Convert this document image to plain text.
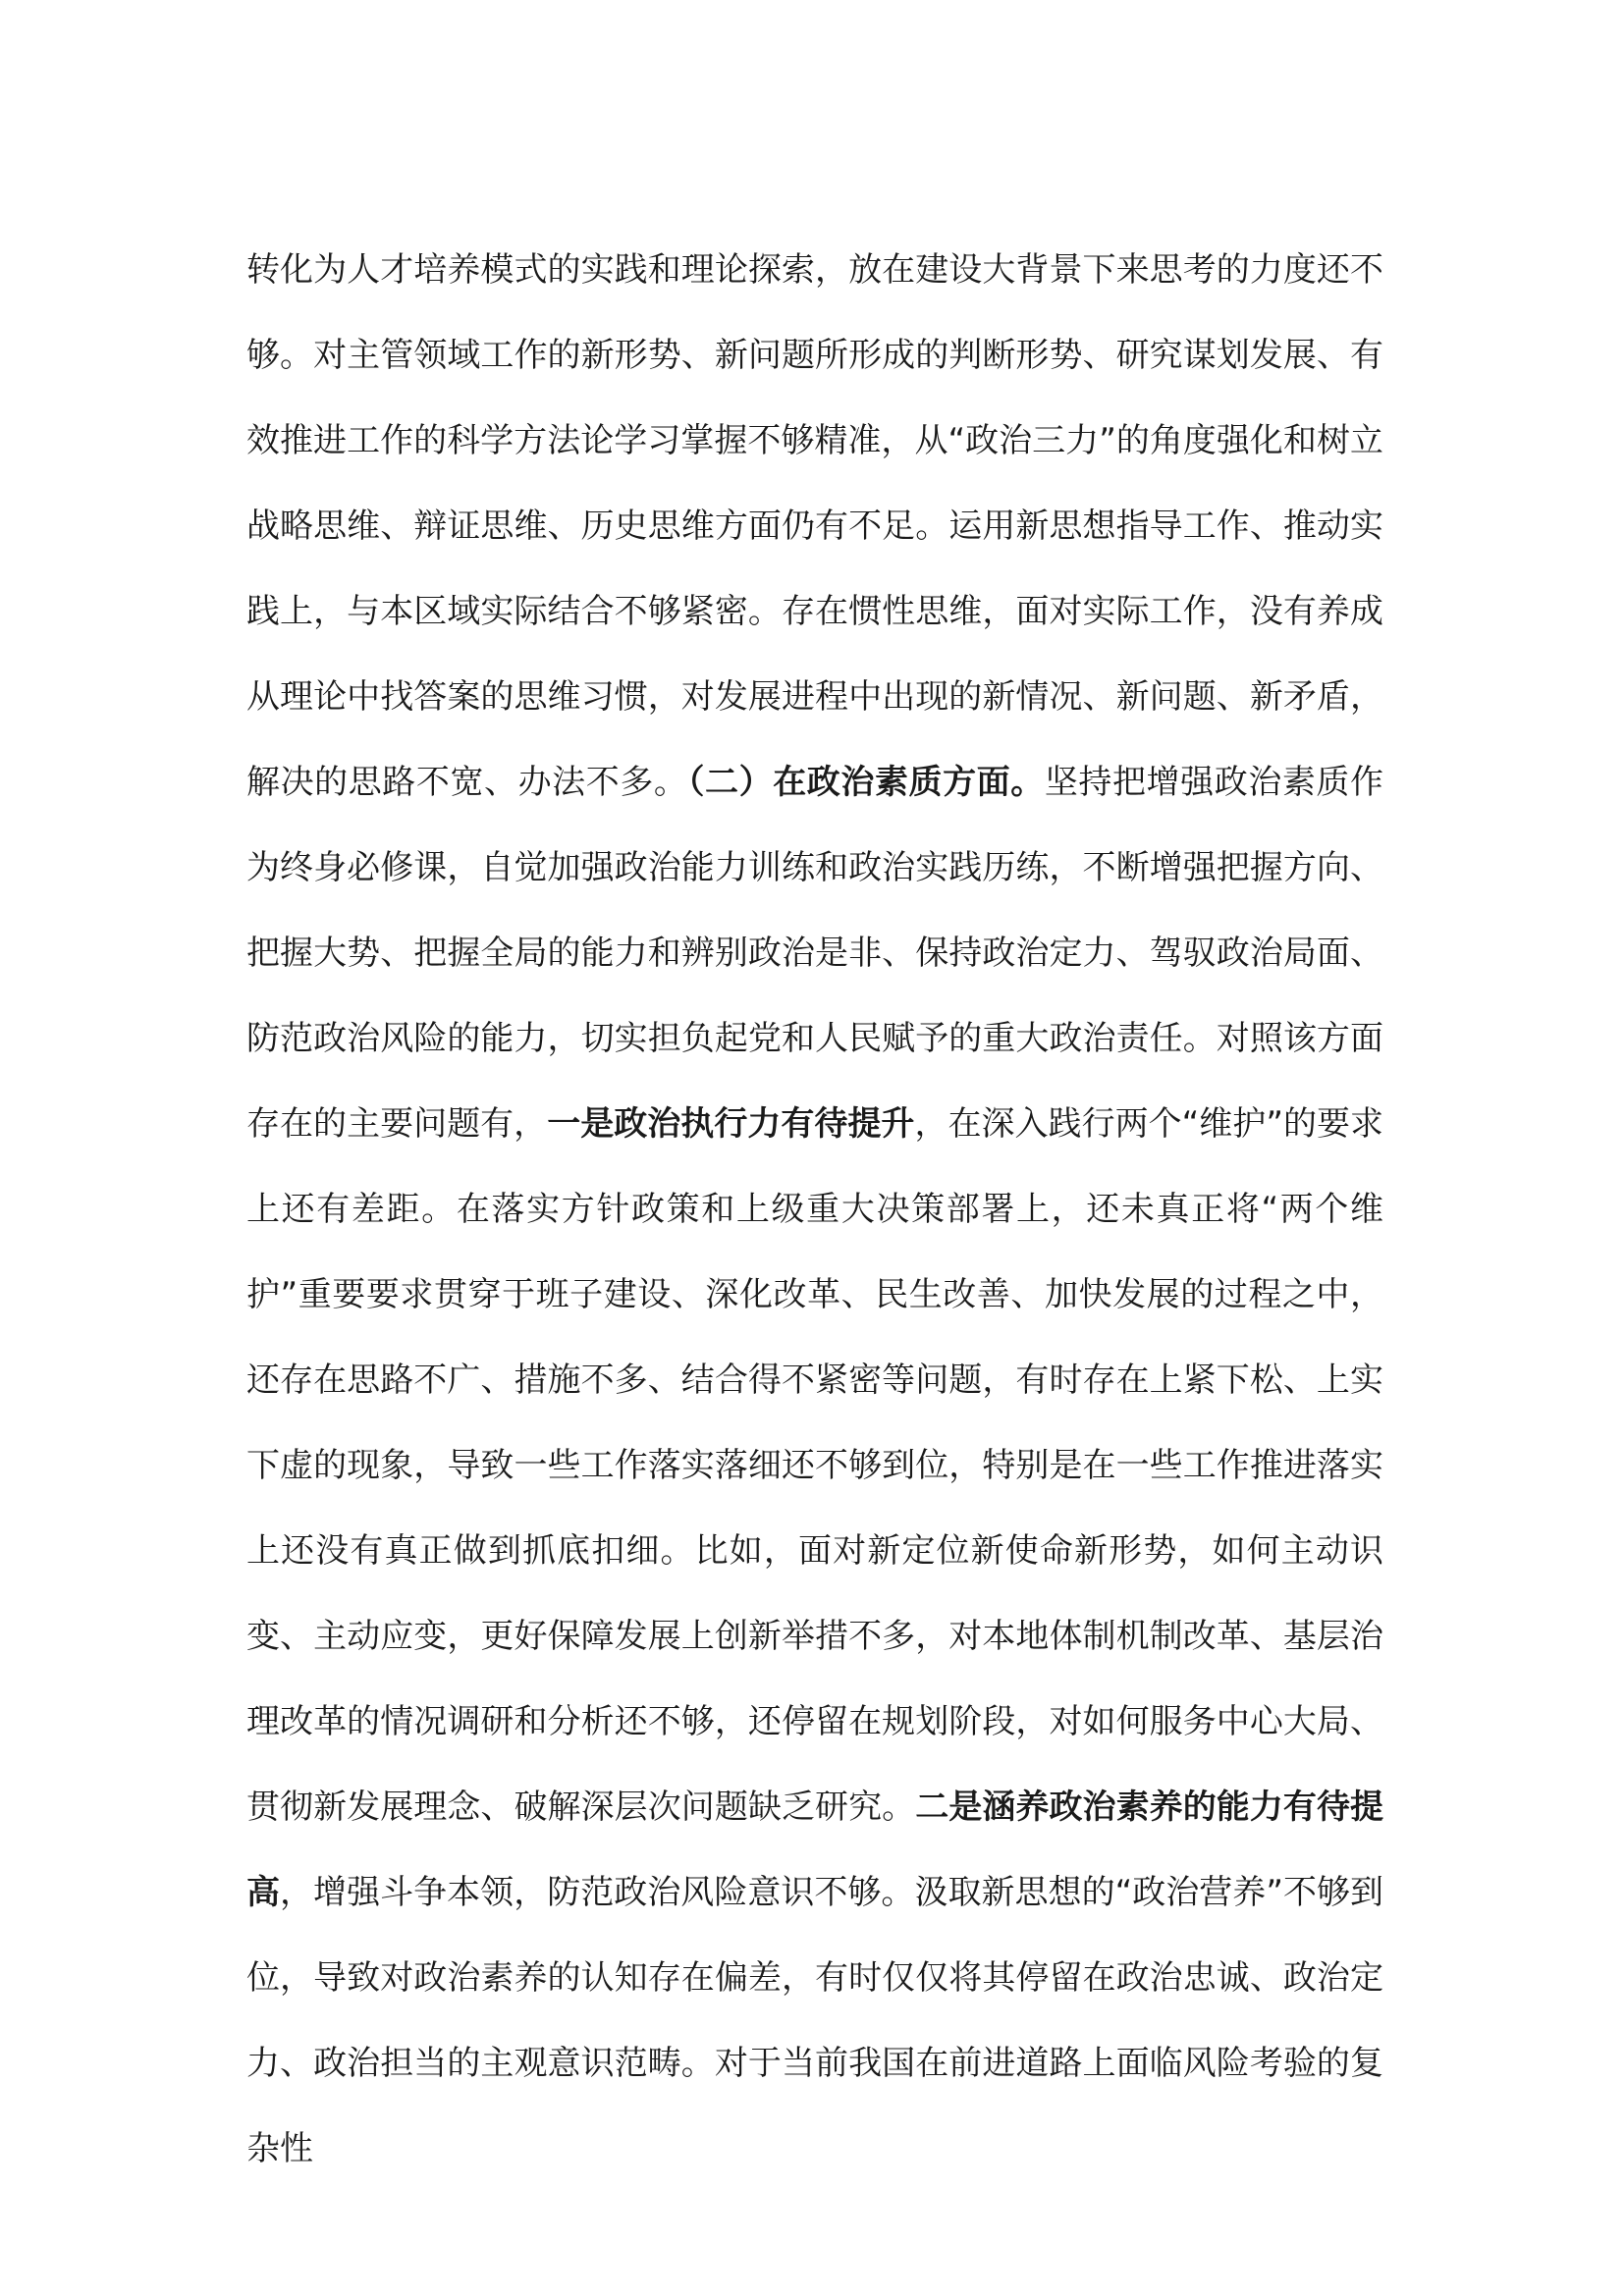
转化为人才培养模式的实践和理论探索，放在建设大背景下来思考的力度还不够。对主管领域工作的新形势、新问题所形成的判断形势、研究谋划发展、有效推进工作的科学方法论学习掌握不够精准，从“政治三力”的角度强化和树立战略思维、辩证思维、历史思维方面仍有不足。运用新思想指导工作、推动实践上，与本区域实际结合不够紧密。存在惯性思维，面对实际工作，没有养成从理论中找答案的思维习惯，对发展进程中出现的新情况、新问题、新矛盾，解决的思路不宽、办法不多。（二）在政治素质方面。坚持把增强政治素质作为终身必修课，自觉加强政治能力训练和政治实践历练，不断增强把握方向、把握大势、把握全局的能力和辨别政治是非、保持政治定力、驾驭政治局面、防范政治风险的能力，切实担负起党和人民赋予的重大政治责任。对照该方面存在的主要问题有，一是政治执行力有待提升，在深入践行两个“维护”的要求上还有差距。在落实方针政策和上级重大决策部署上，还未真正将“两个维护”重要要求贯穿于班子建设、深化改革、民生改善、加快发展的过程之中，还存在思路不广、措施不多、结合得不紧密等问题，有时存在上紧下松、上实下虚的现象，导致一些工作落实落细还不够到位，特别是在一些工作推进落实上还没有真正做到抓底扣细。比如，面对新定位新使命新形势，如何主动识变、主动应变，更好保障发展上创新举措不多，对本地体制机制改革、基层治理改革的情况调研和分析还不够，还停留在规划阶段，对如何服务中心大局、贯彻新发展理念、破解深层次问题缺乏研究。二是涵养政治素养的能力有待提高，增强斗争本领，防范政治风险意识不够。汲取新思想的“政治营养”不够到位，导致对政治素养的认知存在偏差，有时仅仅将其停留在政治忠诚、政治定力、政治担当的主观意识范畴。对于当前我国在前进道路上面临风险考验的复杂性
